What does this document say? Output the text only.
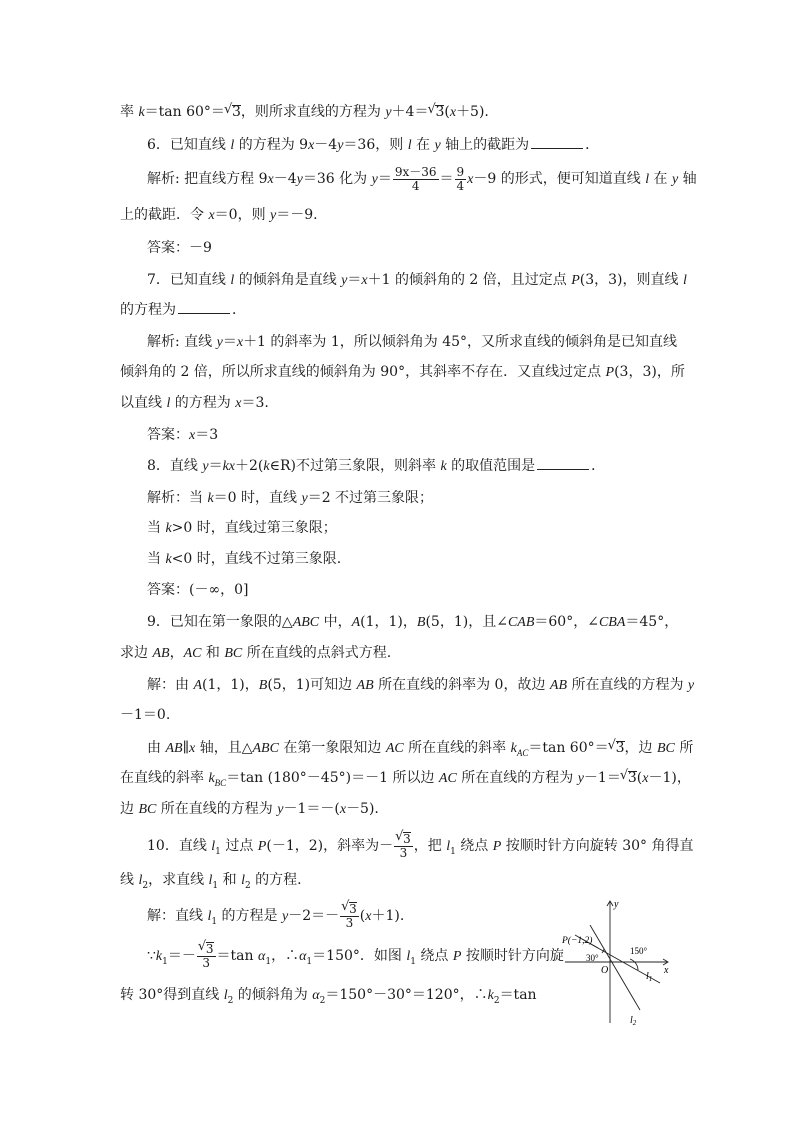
率 k＝tan 60°＝ √ 3，则所求直线的方程为 y＋4＝ √ 3(x＋5).
6．已知直线 l 的方程为 9x－4y＝36，则 l 在 y 轴上的截距为	．
解析: 把直线方程 9x－4y＝36 化为 $y= \frac{9x-36}{4} = \frac{9}{4} x-9$ 的形式，便可知道直线 l 在 y 轴
上的截距．令 x＝0，则 y＝－9.
答案：－9
7．已知直线 l 的倾斜角是直线 y＝x＋1 的倾斜角的 2 倍，且过定点 P(3，3)，则直线 l
的方程为	．
解析: 直线 y＝x＋1 的斜率为 1，所以倾斜角为 45°，又所求直线的倾斜角是已知直线
倾斜角的 2 倍，所以所求直线的倾斜角为 90°，其斜率不存在．又直线过定点 P(3，3)，所
以直线 l 的方程为 x＝3.
答案：x＝3
8．直线 y＝kx＋2(k∈R)不过第三象限，则斜率 k 的取值范围是	．
解析：当 k＝0 时，直线 y＝2 不过第三象限；
当 k>0 时，直线过第三象限；
当 k<0 时，直线不过第三象限.
答案：(－∞，0]
9．已知在第一象限的△ABC 中，A(1，1)，B(5，1)，且∠CAB＝60°，∠CBA＝45°，
求边 AB，AC 和 BC 所在直线的点斜式方程.
解：由 A(1，1)，B(5，1)可知边 AB 所在直线的斜率为 0，故边 AB 所在直线的方程为 y
－1＝0.
由 AB∥x 轴，且△ABC 在第一象限知边 AC 所在直线的斜率 $k_{AC}=\tan$ 60°＝ √ 3，边 BC 所
在直线的斜率 $k_{BC}=\tan$ (180°－45°)＝－1 所以边 AC 所在直线的方程为 y－1＝ √ 3(x－1)，
边 BC 所在直线的方程为 y－1＝－(x－5).
10．直线 $l_1$ 过点 P(－1，2)，斜率为－ √ $\frac{3}{3}$ ，把 $l_1$ 绕点 P 按顺时针方向旋转 30° 角得直
线 $l_2$，求直线 $l_1$ 和 $l_2$ 的方程.
解：直线 $l_1$ 的方程是 y－2＝－ √ $\frac{3}{3} (x+1)$.
$\because k_1=-$ √ $\frac{3}{3} =\tan$ $\alpha_1$，$\therefore\alpha_1=150^\circ$．如图 $l_1$ 绕点 P 按顺时针方向旋
转 30°得到直线 $l_2$ 的倾斜角为 $\alpha_2=150^\circ-30^\circ=120^\circ$，$\therefore k_2=\tan$
y
x
O
P(−1,2)
30°
150°
$l_1$
$l_2$
